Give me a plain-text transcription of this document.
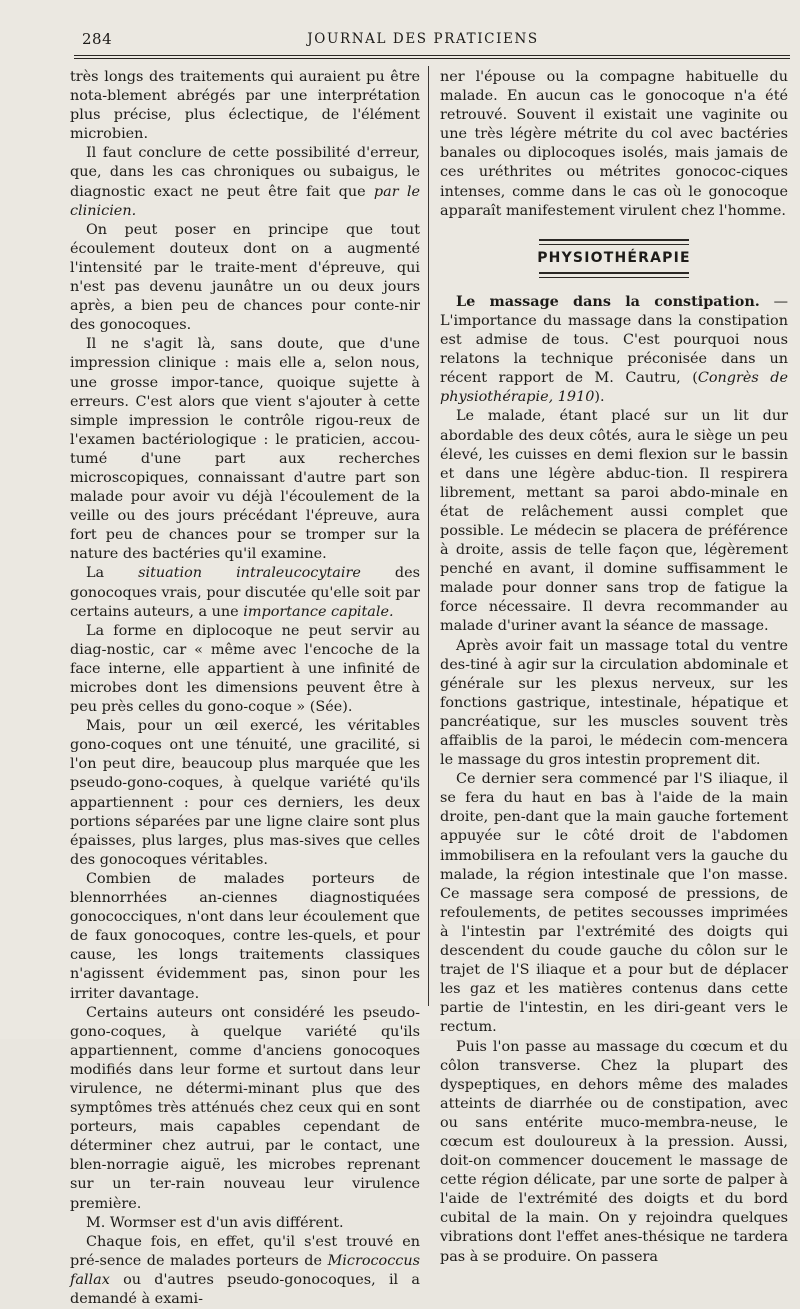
284	JOURNAL DES PRATICIENS

très longs des traitements qui auraient pu être nota-blement abrégés par une interprétation plus précise, plus éclectique, de l'élément microbien.

Il faut conclure de cette possibilité d'erreur, que, dans les cas chroniques ou subaigus, le diagnostic exact ne peut être fait que par le clinicien.

On peut poser en principe que tout écoulement douteux dont on a augmenté l'intensité par le traite-ment d'épreuve, qui n'est pas devenu jaunâtre un ou deux jours après, a bien peu de chances pour conte-nir des gonocoques.

Il ne s'agit là, sans doute, que d'une impression clinique : mais elle a, selon nous, une grosse impor-tance, quoique sujette à erreurs. C'est alors que vient s'ajouter à cette simple impression le contrôle rigou-reux de l'examen bactériologique : le praticien, accou-tumé d'une part aux recherches microscopiques, connaissant d'autre part son malade pour avoir vu déjà l'écoulement de la veille ou des jours précédant l'épreuve, aura fort peu de chances pour se tromper sur la nature des bactéries qu'il examine.

La situation intraleucocytaire des gonocoques vrais, pour discutée qu'elle soit par certains auteurs, a une importance capitale.

La forme en diplocoque ne peut servir au diag-nostic, car « même avec l'encoche de la face interne, elle appartient à une infinité de microbes dont les dimensions peuvent être à peu près celles du gono-coque » (Sée).

Mais, pour un œil exercé, les véritables gono-coques ont une ténuité, une gracilité, si l'on peut dire, beaucoup plus marquée que les pseudo-gono-coques, à quelque variété qu'ils appartiennent : pour ces derniers, les deux portions séparées par une ligne claire sont plus épaisses, plus larges, plus mas-sives que celles des gonocoques véritables.

Combien de malades porteurs de blennorrhées an-ciennes diagnostiquées gonococciques, n'ont dans leur écoulement que de faux gonocoques, contre les-quels, et pour cause, les longs traitements classiques n'agissent évidemment pas, sinon pour les irriter davantage.

Certains auteurs ont considéré les pseudo-gono-coques, à quelque variété qu'ils appartiennent, comme d'anciens gonocoques modifiés dans leur forme et surtout dans leur virulence, ne détermi-minant plus que des symptômes très atténués chez ceux qui en sont porteurs, mais capables cependant de déterminer chez autrui, par le contact, une blen-norragie aiguë, les microbes reprenant sur un ter-rain nouveau leur virulence première.

M. Wormser est d'un avis différent.

Chaque fois, en effet, qu'il s'est trouvé en pré-sence de malades porteurs de Micrococcus fallax ou d'autres pseudo-gonocoques, il a demandé à exami-

ner l'épouse ou la compagne habituelle du malade. En aucun cas le gonocoque n'a été retrouvé. Souvent il existait une vaginite ou une très légère métrite du col avec bactéries banales ou diplocoques isolés, mais jamais de ces uréthrites ou métrites gonococ-ciques intenses, comme dans le cas où le gonocoque apparaît manifestement virulent chez l'homme.

PHYSIOTHÉRAPIE

Le massage dans la constipation. — L'importance du massage dans la constipation est admise de tous. C'est pourquoi nous relatons la technique préconisée dans un récent rapport de M. Cautru, (Congrès de physiothérapie, 1910).

Le malade, étant placé sur un lit dur abordable des deux côtés, aura le siège un peu élevé, les cuisses en demi flexion sur le bassin et dans une légère abduc-tion. Il respirera librement, mettant sa paroi abdo-minale en état de relâchement aussi complet que possible. Le médecin se placera de préférence à droite, assis de telle façon que, légèrement penché en avant, il domine suffisamment le malade pour donner sans trop de fatigue la force nécessaire. Il devra recommander au malade d'uriner avant la séance de massage.

Après avoir fait un massage total du ventre des-tiné à agir sur la circulation abdominale et générale sur les plexus nerveux, sur les fonctions gastrique, intestinale, hépatique et pancréatique, sur les muscles souvent très affaiblis de la paroi, le médecin com-mencera le massage du gros intestin proprement dit.

Ce dernier sera commencé par l'S iliaque, il se fera du haut en bas à l'aide de la main droite, pen-dant que la main gauche fortement appuyée sur le côté droit de l'abdomen immobilisera en la refoulant vers la gauche du malade, la région intestinale que l'on masse. Ce massage sera composé de pressions, de refoulements, de petites secousses imprimées à l'intestin par l'extrémité des doigts qui descendent du coude gauche du côlon sur le trajet de l'S iliaque et a pour but de déplacer les gaz et les matières contenus dans cette partie de l'intestin, en les diri-geant vers le rectum.

Puis l'on passe au massage du cœcum et du côlon transverse. Chez la plupart des dyspeptiques, en dehors même des malades atteints de diarrhée ou de constipation, avec ou sans entérite muco-membra-neuse, le cœcum est douloureux à la pression. Aussi, doit-on commencer doucement le massage de cette région délicate, par une sorte de palper à l'aide de l'extrémité des doigts et du bord cubital de la main. On y rejoindra quelques vibrations dont l'effet anes-thésique ne tardera pas à se produire. On passera
